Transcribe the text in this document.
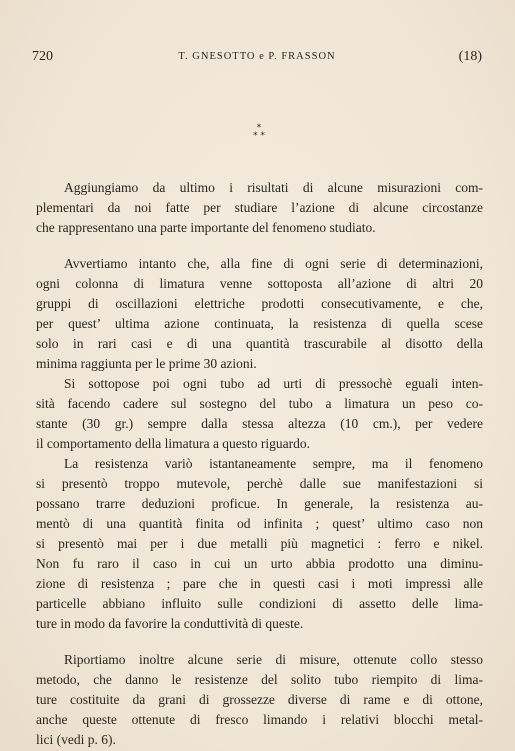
720	T. GNESOTTO e P. FRASSON	(18)
*
* *

Aggiungiamo da ultimo i risultati di alcune misurazioni com-
plementari da noi fatte per studiare l’azione di alcune circostanze
che rappresentano una parte importante del fenomeno studiato.

Avvertiamo intanto che, alla fine di ogni serie di determinazioni,
ogni colonna di limatura venne sottoposta all’azione di altri 20
gruppi di oscillazioni elettriche prodotti consecutivamente, e che,
per quest’ ultima azione continuata, la resistenza di quella scese
solo in rari casi e di una quantità trascurabile al disotto della
minima raggiunta per le prime 30 azioni.

Si sottopose poi ogni tubo ad urti di pressochè eguali inten-
sità facendo cadere sul sostegno del tubo a limatura un peso co-
stante (30 gr.) sempre dalla stessa altezza (10 cm.), per vedere
il comportamento della limatura a questo riguardo.

La resistenza variò istantaneamente sempre, ma il fenomeno
si presentò troppo mutevole, perchè dalle sue manifestazioni si
possano trarre deduzioni proficue. In generale, la resistenza au-
mentò di una quantità finita od infinita ; quest’ ultimo caso non
si presentò mai per i due metalli più magnetici : ferro e nikel.
Non fu raro il caso in cui un urto abbia prodotto una diminu-
zione di resistenza ; pare che in questi casi i moti impressi alle
particelle abbiano influito sulle condizioni di assetto delle lima-
ture in modo da favorire la conduttività di queste.

Riportiamo inoltre alcune serie di misure, ottenute collo stesso
metodo, che danno le resistenze del solito tubo riempito di lima-
ture costituite da grani di grossezze diverse di rame e di ottone,
anche queste ottenute di fresco limando i relativi blocchi metal-
lici (vedi p. 6).
